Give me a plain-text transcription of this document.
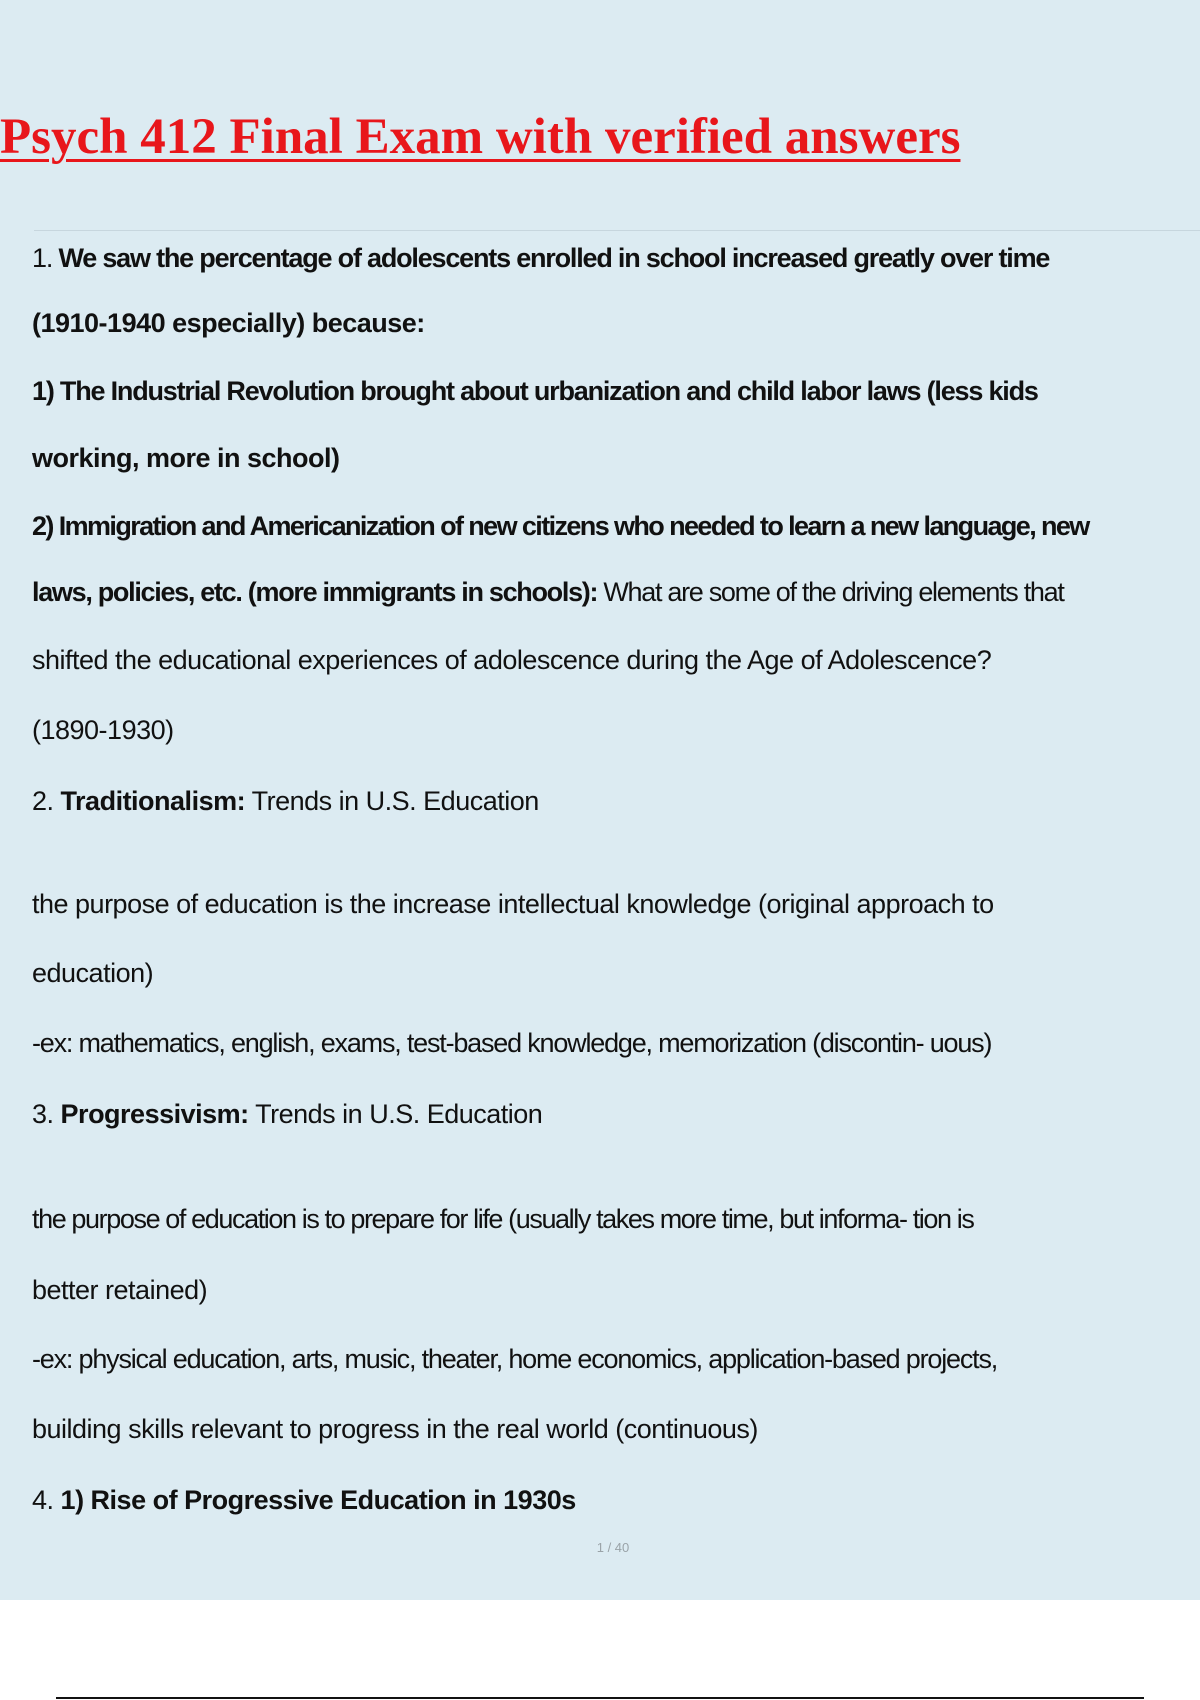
Psych 412 Final Exam with verified answers
1. We saw the percentage of adolescents enrolled in school increased greatly over time
(1910-1940 especially) because:
1) The Industrial Revolution brought about urbanization and child labor laws (less kids
working, more in school)
2) Immigration and Americanization of new citizens who needed to learn a new language, new
laws, policies, etc. (more immigrants in schools): What are some of the driving elements that
shifted the educational experiences of adolescence during the Age of Adolescence?
(1890-1930)
2. Traditionalism: Trends in U.S. Education
the purpose of education is the increase intellectual knowledge (original approach to
education)
-ex: mathematics, english, exams, test-based knowledge, memorization (discontin- uous)
3. Progressivism: Trends in U.S. Education
the purpose of education is to prepare for life (usually takes more time, but informa- tion is
better retained)
-ex: physical education, arts, music, theater, home economics, application-based projects,
building skills relevant to progress in the real world (continuous)
4. 1) Rise of Progressive Education in 1930s
1 / 40
